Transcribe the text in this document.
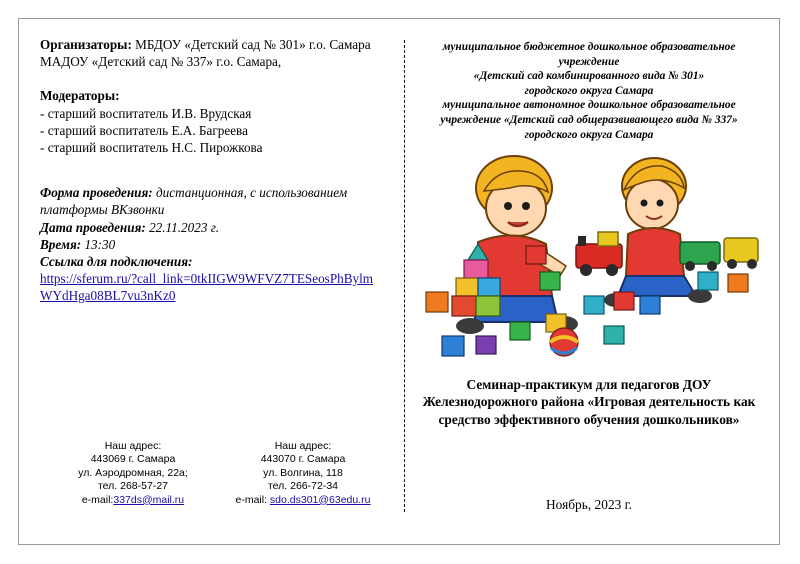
Организаторы: МБДОУ «Детский сад № 301» г.о. Самара

МАДОУ «Детский сад № 337» г.о. Самара,

Модераторы:

- старший воспитатель И.В. Врудская

- старший воспитатель Е.А. Багреева

- старший воспитатель Н.С. Пирожкова

Форма проведения: дистанционная, с использованием платформы ВКзвонки

Дата проведения: 22.11.2023 г.

Время: 13:30

Ссылка для подключения:

https://sferum.ru/?call_link=0tkIIGW9WFVZ7TESeosPhBylmWYdHga08BL7vu3nKz0

Наш адрес:
443069 г. Самара
ул. Аэродромная, 22а;
тел. 268-57-27
e-mail:337ds@mail.ru
Наш адрес:
443070 г. Самара
ул. Волгина, 118
тел. 266-72-34
e-mail: sdo.ds301@63edu.ru

муниципальное бюджетное дошкольное образовательное учреждение

«Детский сад комбинированного вида № 301»

городского округа Самара

муниципальное автономное дошкольное образовательное

учреждение «Детский сад общеразвивающего вида № 337»

городского округа Самара

Семинар-практикум для педагогов ДОУ

Железнодорожного района «Игровая деятельность как

средство эффективного обучения дошкольников»

Ноябрь, 2023 г.
